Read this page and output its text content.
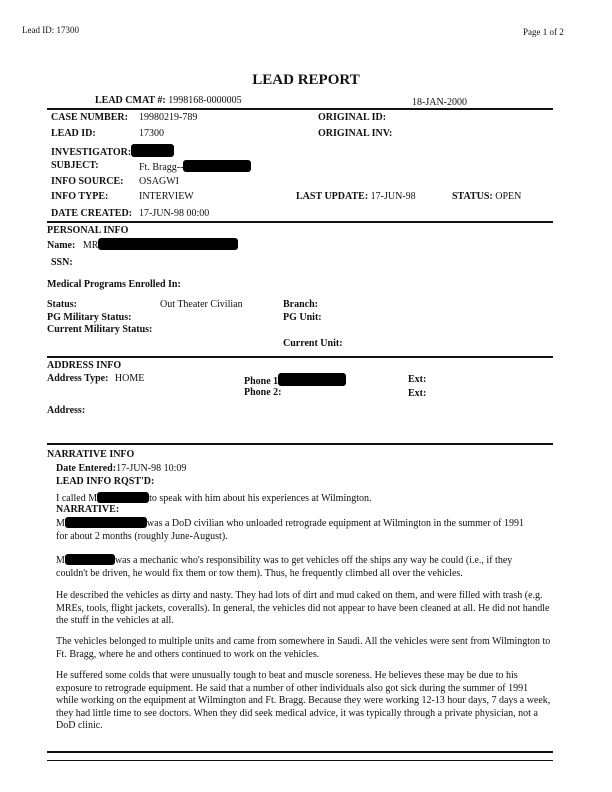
Lead ID: 17300	Page 1 of 2
LEAD REPORT
LEAD CMAT #: 1998168-0000005	18-JAN-2000
CASE NUMBER: 19980219-789	ORIGINAL ID:
LEAD ID:	17300	ORIGINAL INV:
INVESTIGATOR:
SUBJECT:	Ft. Bragg--
INFO SOURCE: OSAGWI
INFO TYPE:	INTERVIEW	LAST UPDATE: 17-JUN-98	STATUS: OPEN
DATE CREATED: 17-JUN-98 00:00
PERSONAL INFO
Name: MR
SSN:
Medical Programs Enrolled In:
Status:	Out Theater Civilian	Branch:
PG Military Status:	PG Unit:
Current Military Status:
Current Unit:
ADDRESS INFO
Address Type: HOME	Phone 1	Ext:
Phone 2:	Ext:
Address:
NARRATIVE INFO
Date Entered:17-JUN-98 10:09
LEAD INFO RQST'D:
I called M	to speak with him about his experiences at Wilmington.
NARRATIVE:
M	was a DoD civilian who unloaded retrograde equipment at Wilmington in the summer of 1991
for about 2 months (roughly June-August).
M	was a mechanic who's responsibility was to get vehicles off the ships any way he could (i.e., if they
couldn't be driven, he would fix them or tow them). Thus, he frequently climbed all over the vehicles.
He described the vehicles as dirty and nasty. They had lots of dirt and mud caked on them, and were filled with trash (e.g. MREs, tools, flight jackets, coveralls). In general, the vehicles did not appear to have been cleaned at all. He did not handle the stuff in the vehicles at all.
The vehicles belonged to multiple units and came from somewhere in Saudi. All the vehicles were sent from Wilmington to Ft. Bragg, where he and others continued to work on the vehicles.
He suffered some colds that were unusually tough to beat and muscle soreness. He believes these may be due to his exposure to retrograde equipment. He said that a number of other individuals also got sick during the summer of 1991 while working on the equipment at Wilmington and Ft. Bragg. Because they were working 12-13 hour days, 7 days a week, they had little time to see doctors. When they did seek medical advice, it was typically through a private physician, not a DoD clinic.
